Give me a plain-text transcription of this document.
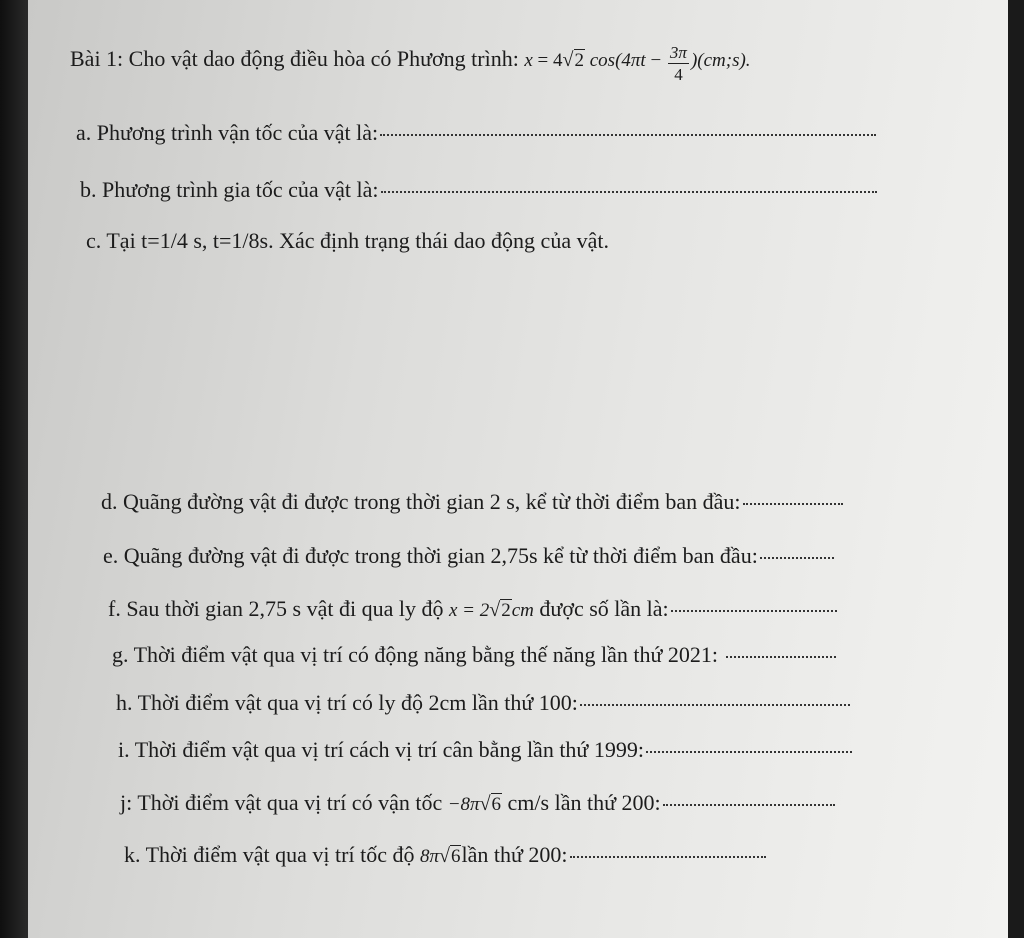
Bài 1:
Cho vật dao động điều hòa có Phương trình:
x = 4 √ 2 $\cos(4\pi t - \frac{3\pi}{4}$ )(cm;s).
a. Phương trình vận tốc của vật là:
b. Phương trình gia tốc của vật là:
c. Tại t=1/4 s, t=1/8s. Xác định trạng thái dao động của vật.
d. Quãng đường vật đi được trong thời gian 2 s, kể từ thời điểm ban đầu:
e. Quãng đường vật đi được trong thời gian 2,75s kể từ thời điểm ban đầu:
f. Sau thời gian 2,75 s vật đi qua ly độ
x = 2 √ 2 cm
được số lần là:
g. Thời điểm vật qua vị trí có động năng bằng thế năng lần thứ 2021:

h. Thời điểm vật qua vị trí có ly độ 2cm lần thứ 100:
i. Thời điểm vật qua vị trí cách vị trí cân bằng lần thứ 1999:
j: Thời điểm vật qua vị trí có vận tốc
−8π √ 6
cm/s lần thứ 200:
k. Thời điểm vật qua vị trí tốc độ
8π √ 6 lần thứ 200:
